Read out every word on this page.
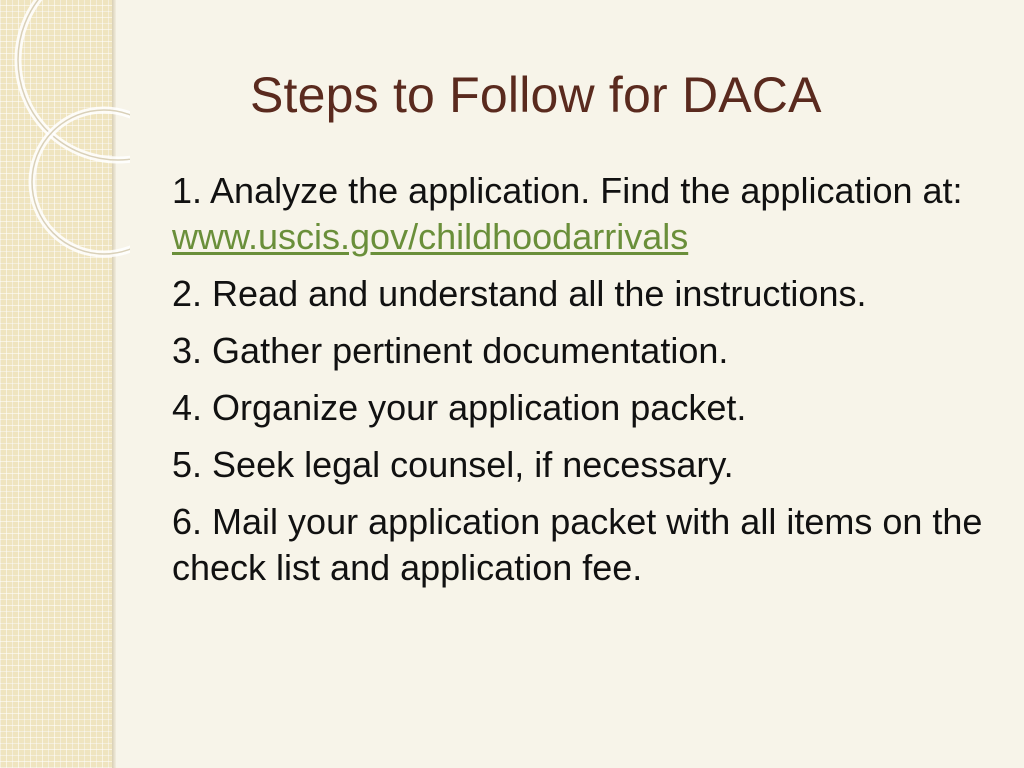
Steps to Follow for DACA
1. Analyze the application. Find the application at:
www.uscis.gov/childhoodarrivals
2. Read and understand all the instructions.
3. Gather pertinent documentation.
4. Organize your application packet.
5. Seek legal counsel, if necessary.
6. Mail your application packet with all items on the check list and application fee.
